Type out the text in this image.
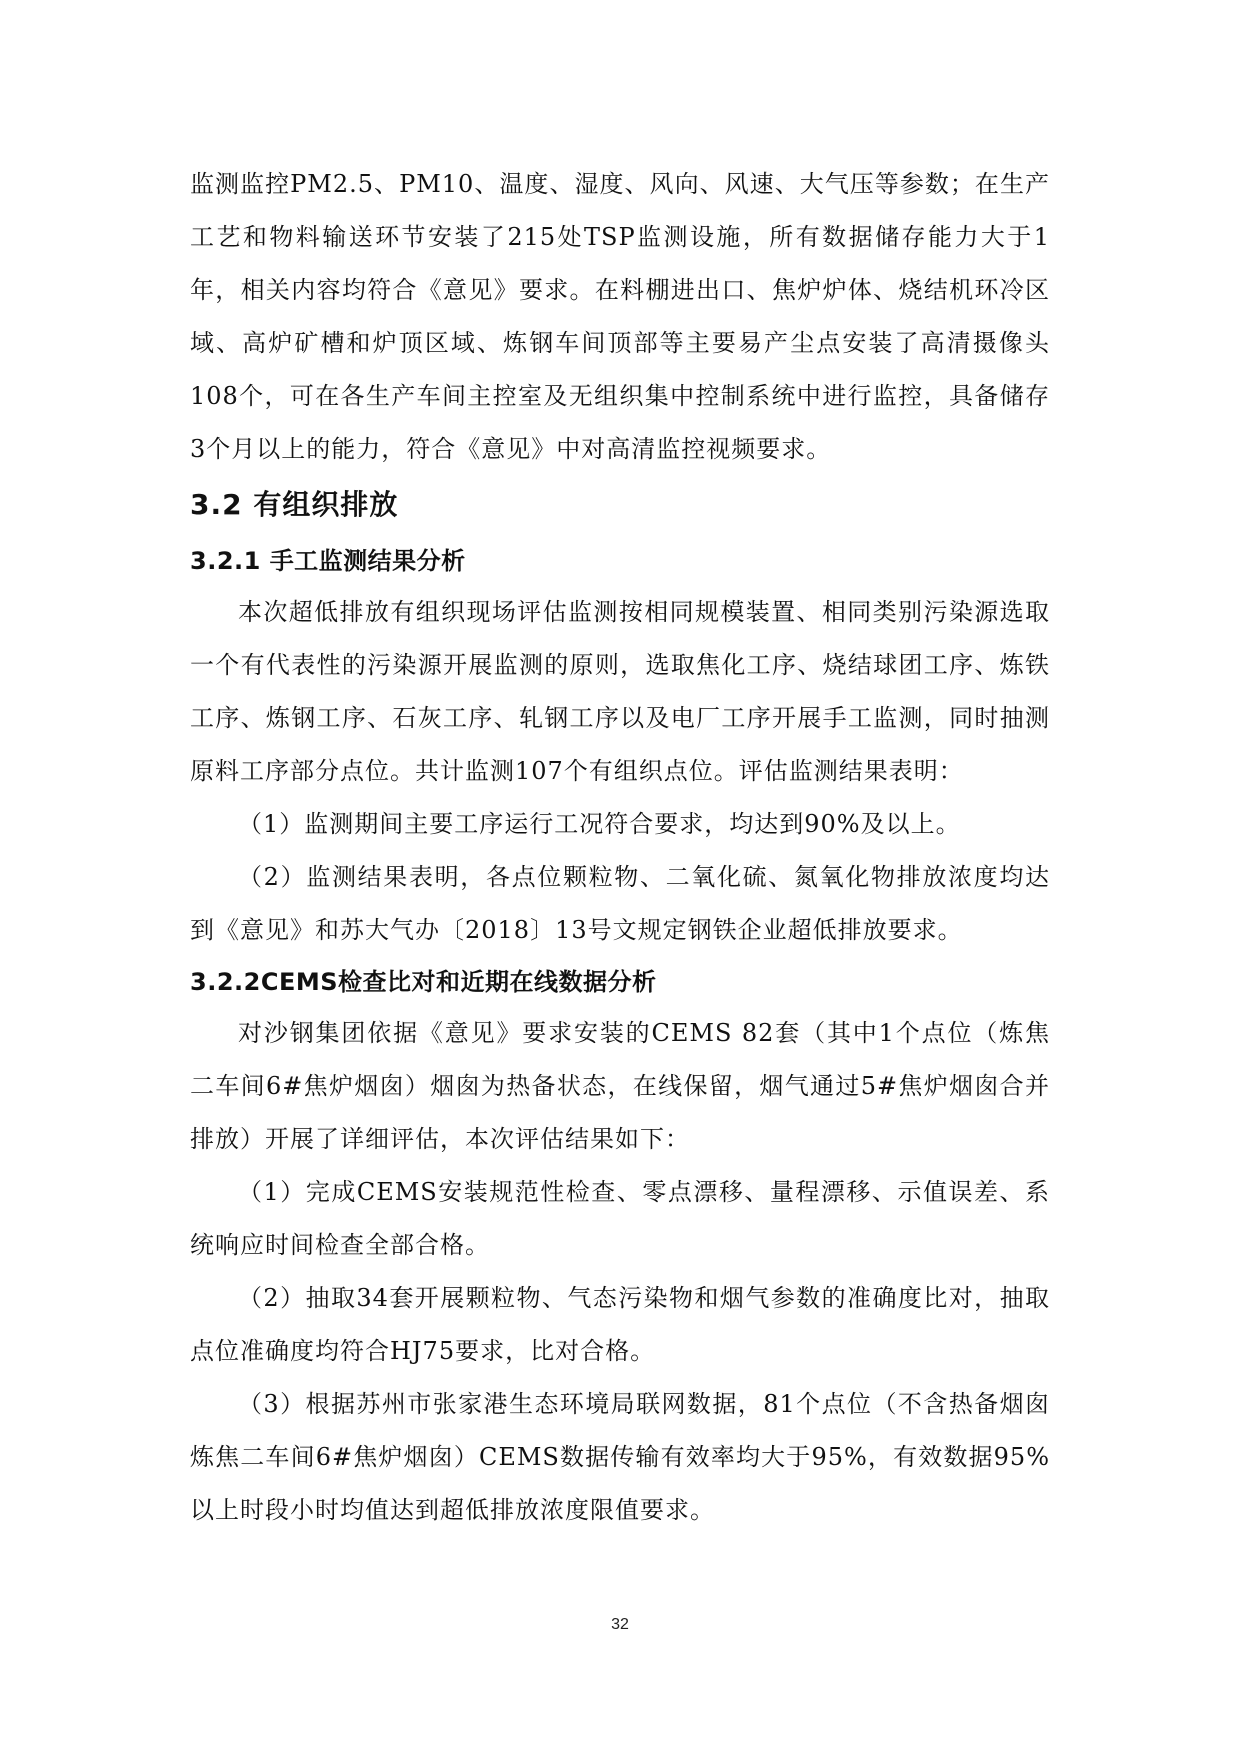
监测监控PM2.5、PM10、温度、湿度、风向、风速、大气压等参数；在生产工艺和物料输送环节安装了215处TSP监测设施，所有数据储存能力大于1年，相关内容均符合《意见》要求。在料棚进出口、焦炉炉体、烧结机环冷区域、高炉矿槽和炉顶区域、炼钢车间顶部等主要易产尘点安装了高清摄像头108个，可在各生产车间主控室及无组织集中控制系统中进行监控，具备储存3个月以上的能力，符合《意见》中对高清监控视频要求。

3.2 有组织排放
3.2.1 手工监测结果分析

本次超低排放有组织现场评估监测按相同规模装置、相同类别污染源选取一个有代表性的污染源开展监测的原则，选取焦化工序、烧结球团工序、炼铁工序、炼钢工序、石灰工序、轧钢工序以及电厂工序开展手工监测，同时抽测原料工序部分点位。共计监测107个有组织点位。评估监测结果表明：

（1）监测期间主要工序运行工况符合要求，均达到90%及以上。

（2）监测结果表明，各点位颗粒物、二氧化硫、氮氧化物排放浓度均达到《意见》和苏大气办〔2018〕13号文规定钢铁企业超低排放要求。

3.2.2CEMS检查比对和近期在线数据分析

对沙钢集团依据《意见》要求安装的CEMS 82套（其中1个点位（炼焦二车间6#焦炉烟囱）烟囱为热备状态，在线保留，烟气通过5#焦炉烟囱合并排放）开展了详细评估，本次评估结果如下：

（1）完成CEMS安装规范性检查、零点漂移、量程漂移、示值误差、系统响应时间检查全部合格。

（2）抽取34套开展颗粒物、气态污染物和烟气参数的准确度比对，抽取点位准确度均符合HJ75要求，比对合格。

（3）根据苏州市张家港生态环境局联网数据，81个点位（不含热备烟囱炼焦二车间6#焦炉烟囱）CEMS数据传输有效率均大于95%，有效数据95%以上时段小时均值达到超低排放浓度限值要求。

32
